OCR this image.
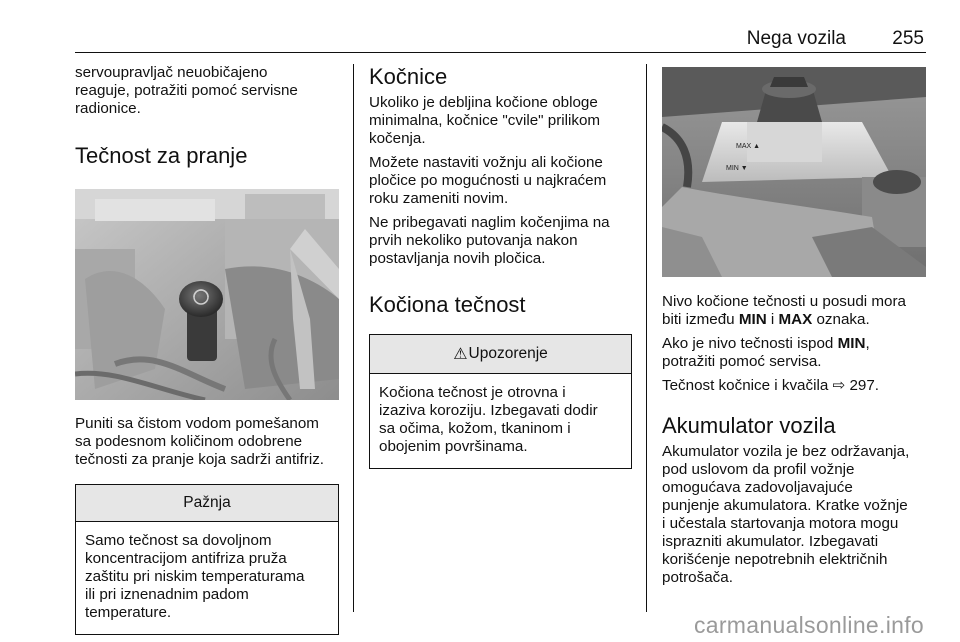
Nega vozila 255

servoupravljač neuobičajeno
reaguje, potražiti pomoć servisne
radionice.

Tečnost za pranje

Puniti sa čistom vodom pomešanom
sa podesnom količinom odobrene
tečnosti za pranje koja sadrži antifriz.

Pažnja
Samo tečnost sa dovoljnom
koncentracijom antifriza pruža
zaštitu pri niskim temperaturama
ili pri iznenadnim padom
temperature.
Kočnice

Ukoliko je debljina kočione obloge
minimalna, kočnice "cvile" prilikom
kočenja.

Možete nastaviti vožnju ali kočione
pločice po mogućnosti u najkraćem
roku zameniti novim.

Ne pribegavati naglim kočenjima na
prvih nekoliko putovanja nakon
postavljanja novih pločica.

Kočiona tečnost
⚠ Upozorenje
Kočiona tečnost je otrovna i
izaziva koroziju. Izbegavati dodir
sa očima, kožom, tkaninom i
obojenim površinama.
MAX ▲
MIN ▼

Nivo kočione tečnosti u posudi mora
biti između MIN i MAX oznaka.

Ako je nivo tečnosti ispod MIN,
potražiti pomoć servisa.

Tečnost kočnice i kvačila ⇨ 297.

Akumulator vozila

Akumulator vozila je bez održavanja,
pod uslovom da profil vožnje
omogućava zadovoljavajuće
punjenje akumulatora. Kratke vožnje
i učestala startovanja motora mogu
isprazniti akumulator. Izbegavati
korišćenje nepotrebnih električnih
potrošača.

carmanualsonline.info
